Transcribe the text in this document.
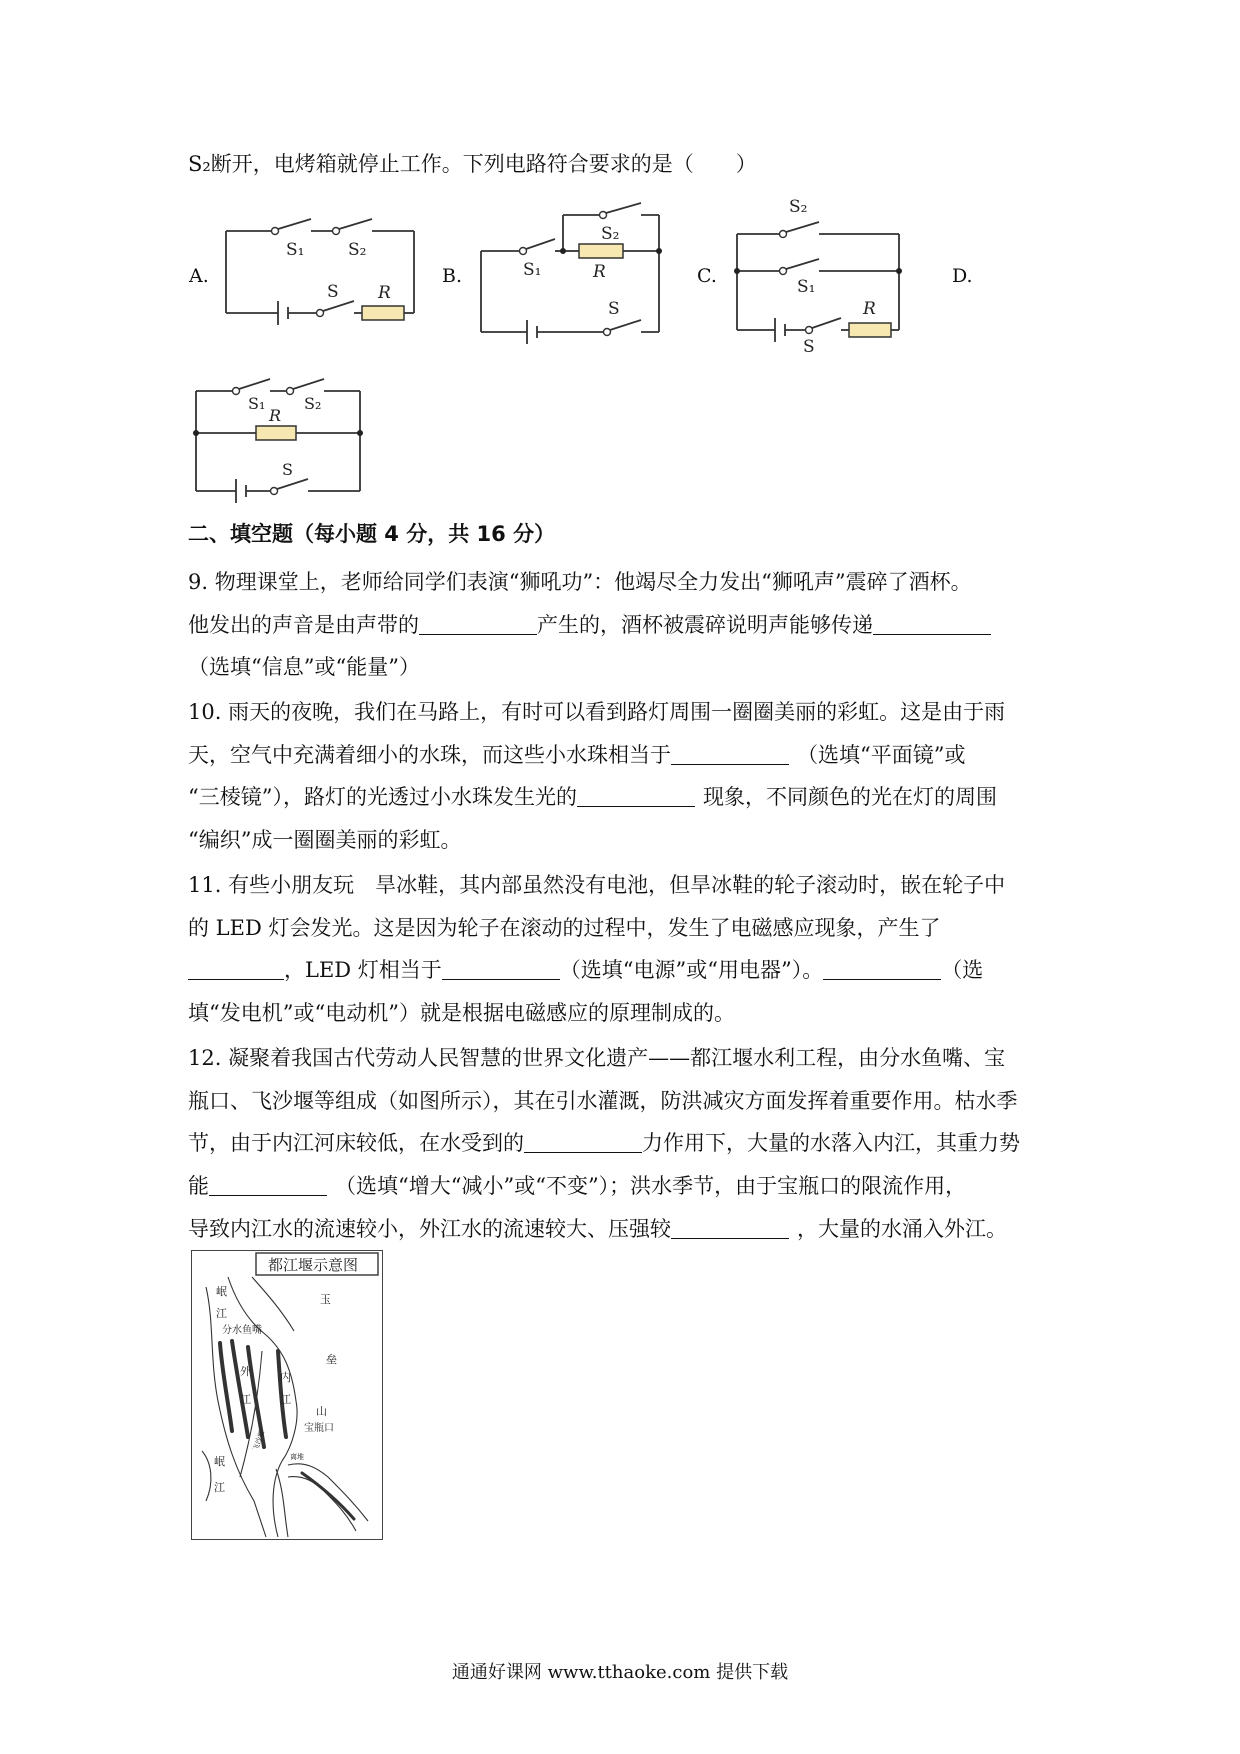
S₂断开，电烤箱就停止工作。下列电路符合要求的是（　　）
A.	B.	C.	D.
S₁	S₂
S R
S₂
S₁	R
S
S₂
S₁
R
S
S₁ S₂
R
S
二、填空题（每小题 4 分，共 16 分）
9. 物理课堂上，老师给同学们表演“狮吼功”：他竭尽全力发出“狮吼声”震碎了酒杯。
他发出的声音是由声带的	产生的，酒杯被震碎说明声能够传递
（选填“信息”或“能量”）
10. 雨天的夜晚，我们在马路上，有时可以看到路灯周围一圈圈美丽的彩虹。这是由于雨
天，空气中充满着细小的水珠，而这些小水珠相当于	（选填“平面镜”或
“三棱镜”），路灯的光透过小水珠发生光的	现象，不同颜色的光在灯的周围
“编织”成一圈圈美丽的彩虹。
11. 有些小朋友玩　旱冰鞋，其内部虽然没有电池，但旱冰鞋的轮子滚动时，嵌在轮子中
的 LED 灯会发光。这是因为轮子在滚动的过程中，发生了电磁感应现象，产生了
，LED 灯相当于	（选填“电源”或“用电器”）。	（选
填“发电机”或“电动机”）就是根据电磁感应的原理制成的。
12. 凝聚着我国古代劳动人民智慧的世界文化遗产——都江堰水利工程，由分水鱼嘴、宝
瓶口、飞沙堰等组成（如图所示），其在引水灌溉，防洪减灾方面发挥着重要作用。枯水季
节，由于内江河床较低，在水受到的	力作用下，大量的水落入内江，其重力势
能	（选填“增大“减小”或“不变”）；洪水季节，由于宝瓶口的限流作用，
导致内江水的流速较小，外江水的流速较大、压强较	，大量的水涌入外江。
都江堰示意图
岷
江
分水鱼嘴
外
江
内
江
玉
垒
山
宝瓶口
飞沙堰
离堆
岷
江
通通好课网 www.tthaoke.com 提供下载
